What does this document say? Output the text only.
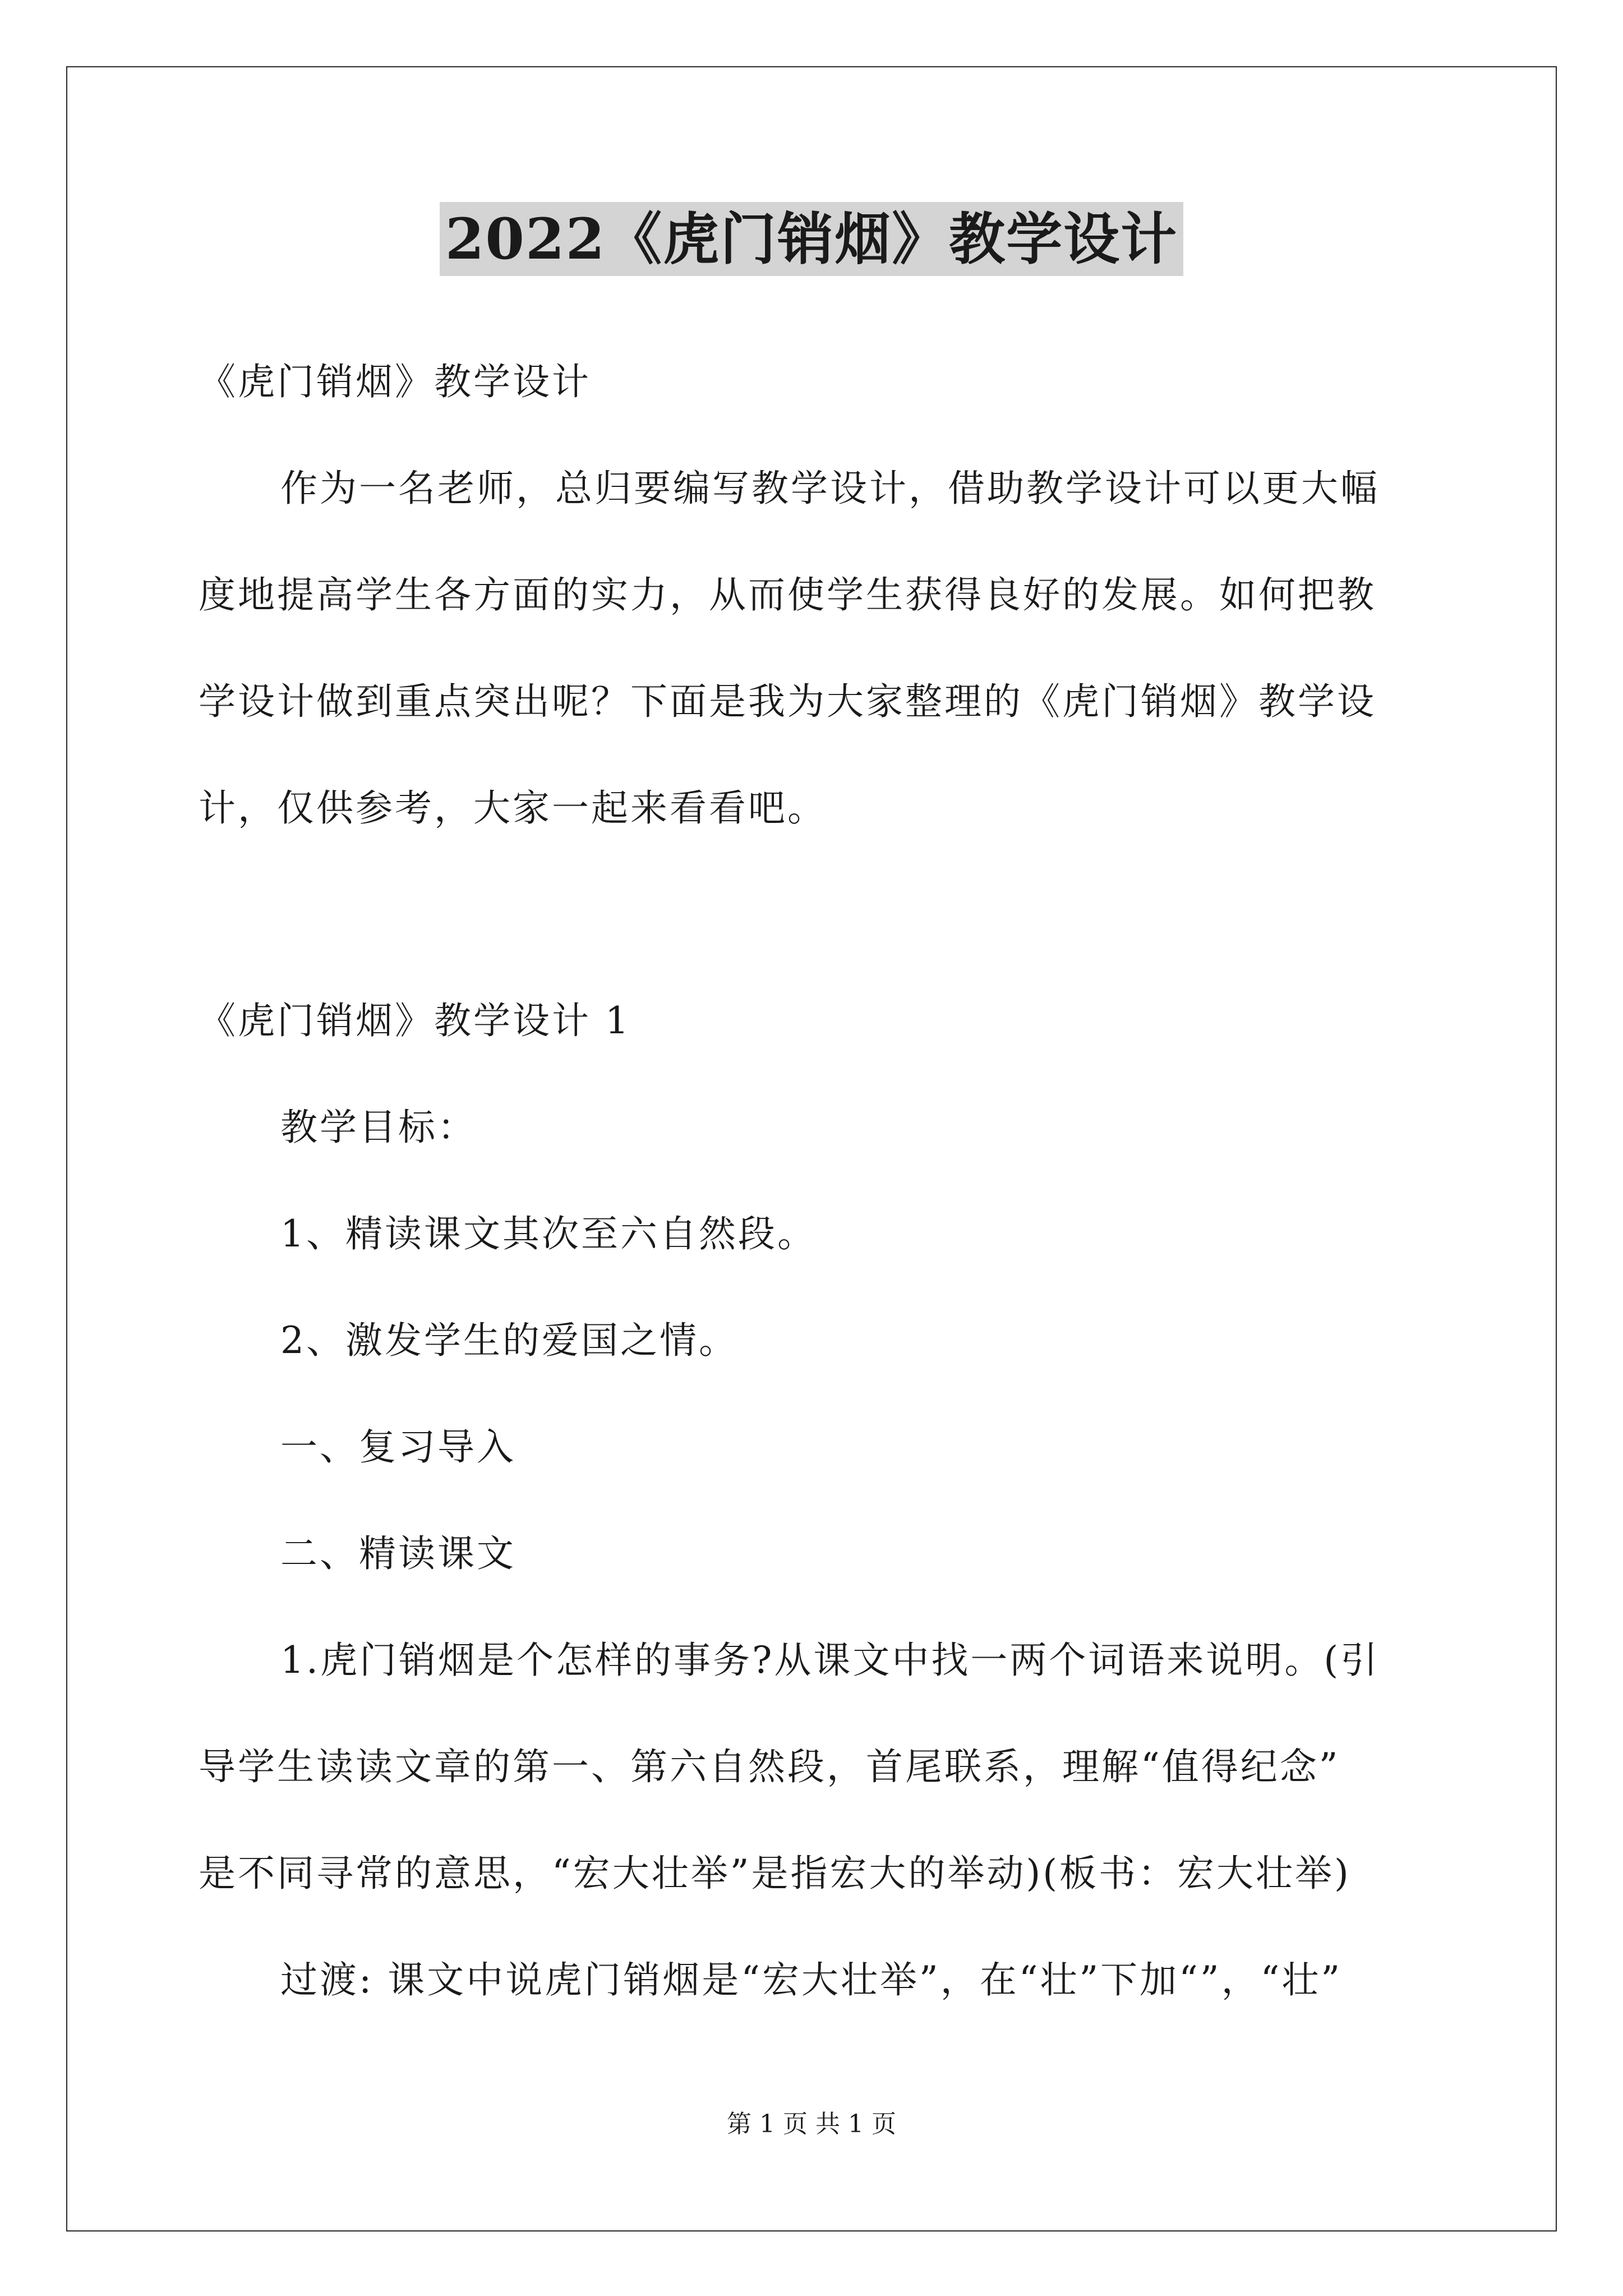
2022《虎门销烟》教学设计
《虎门销烟》教学设计
作为一名老师，总归要编写教学设计，借助教学设计可以更大幅
度地提高学生各方面的实力，从而使学生获得良好的发展。如何把教
学设计做到重点突出呢？下面是我为大家整理的《虎门销烟》教学设
计，仅供参考，大家一起来看看吧。
《虎门销烟》教学设计 1
教学目标：
1、精读课文其次至六自然段。
2、激发学生的爱国之情。
一、复习导入
二、精读课文
1.虎门销烟是个怎样的事务?从课文中找一两个词语来说明。(引
导学生读读文章的第一、第六自然段，首尾联系，理解“值得纪念”
是不同寻常的意思，“宏大壮举”是指宏大的举动)(板书：宏大壮举)
过渡: 课文中说虎门销烟是“宏大壮举”，在“壮”下加“”，“壮”
第 1 页 共 1 页
